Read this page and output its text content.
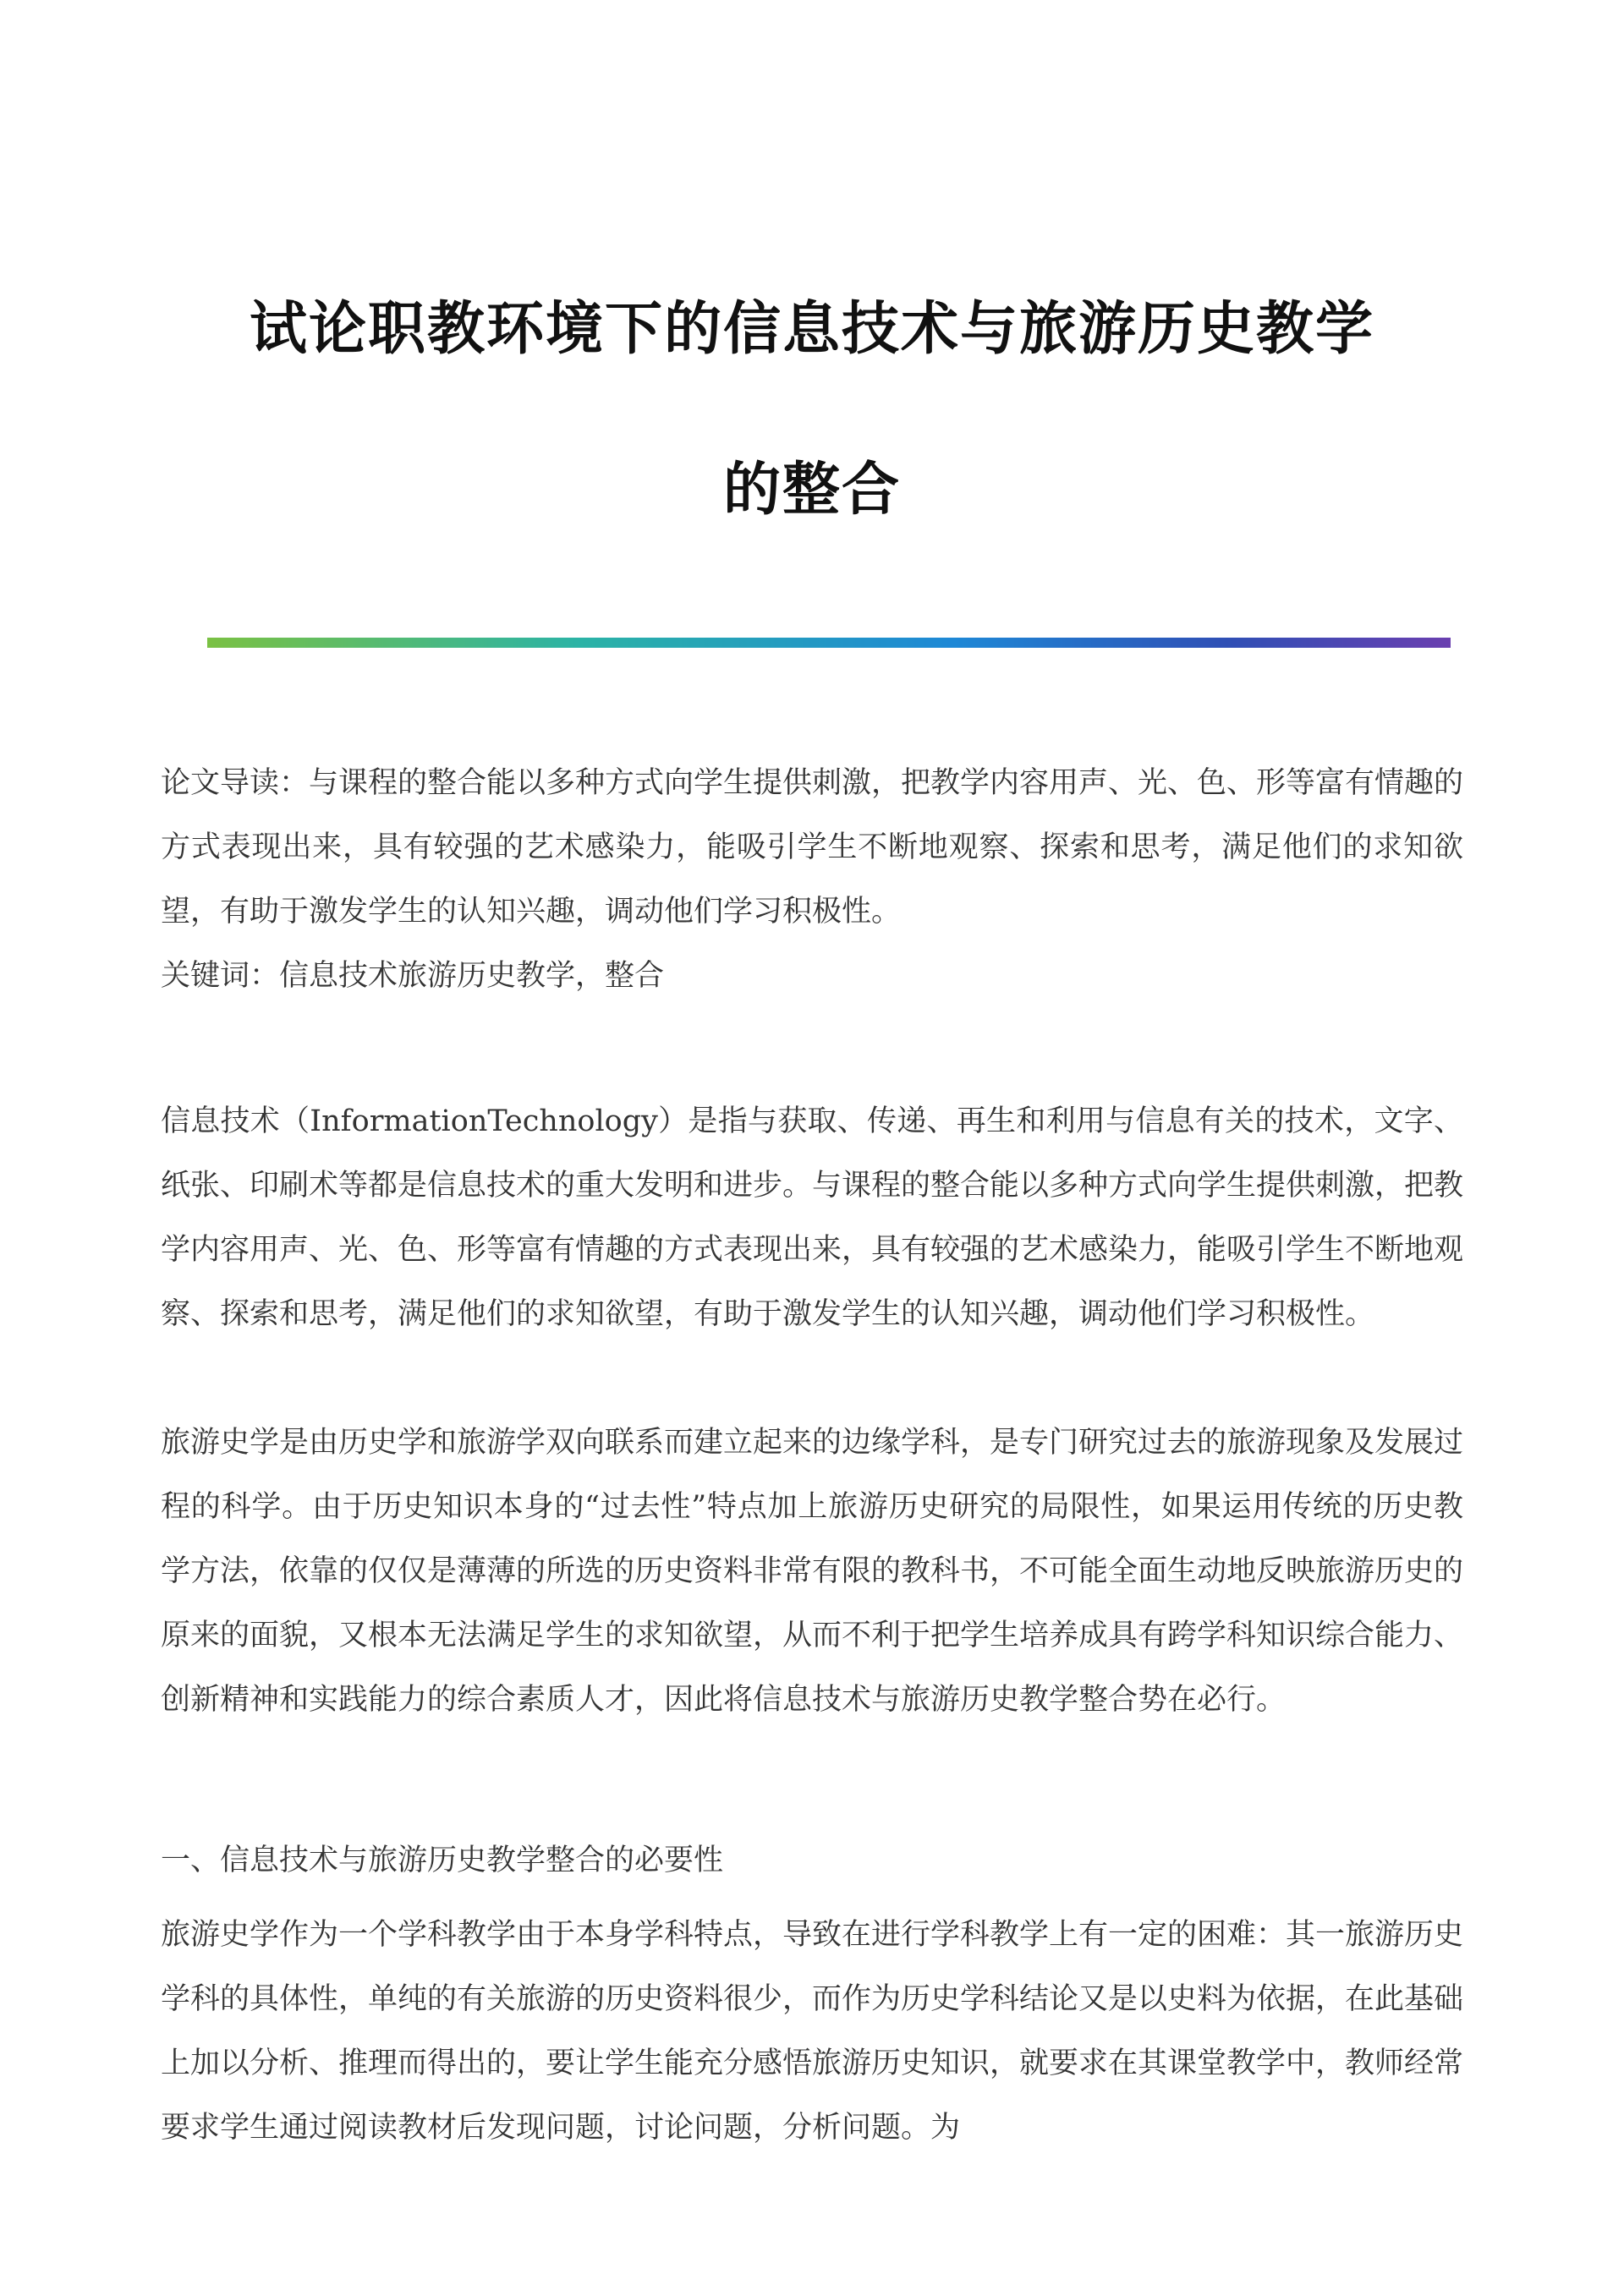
试论职教环境下的信息技术与旅游历史教学
的整合
论文导读：与课程的整合能以多种方式向学生提供刺激，把教学内容用声、光、色、形等富有情趣的方式表现出来，具有较强的艺术感染力，能吸引学生不断地观察、探索和思考，满足他们的求知欲望，有助于激发学生的认知兴趣，调动他们学习积极性。
关键词：信息技术旅游历史教学，整合
信息技术（InformationTechnology）是指与获取、传递、再生和利用与信息有关的技术，文字、纸张、印刷术等都是信息技术的重大发明和进步。与课程的整合能以多种方式向学生提供刺激，把教学内容用声、光、色、形等富有情趣的方式表现出来，具有较强的艺术感染力，能吸引学生不断地观察、探索和思考，满足他们的求知欲望，有助于激发学生的认知兴趣，调动他们学习积极性。
旅游史学是由历史学和旅游学双向联系而建立起来的边缘学科，是专门研究过去的旅游现象及发展过程的科学。由于历史知识本身的“过去性”特点加上旅游历史研究的局限性，如果运用传统的历史教学方法，依靠的仅仅是薄薄的所选的历史资料非常有限的教科书，不可能全面生动地反映旅游历史的原来的面貌，又根本无法满足学生的求知欲望，从而不利于把学生培养成具有跨学科知识综合能力、创新精神和实践能力的综合素质人才，因此将信息技术与旅游历史教学整合势在必行。
一、信息技术与旅游历史教学整合的必要性
旅游史学作为一个学科教学由于本身学科特点，导致在进行学科教学上有一定的困难：其一旅游历史学科的具体性，单纯的有关旅游的历史资料很少，而作为历史学科结论又是以史料为依据，在此基础上加以分析、推理而得出的，要让学生能充分感悟旅游历史知识，就要求在其课堂教学中，教师经常要求学生通过阅读教材后发现问题，讨论问题，分析问题。为
